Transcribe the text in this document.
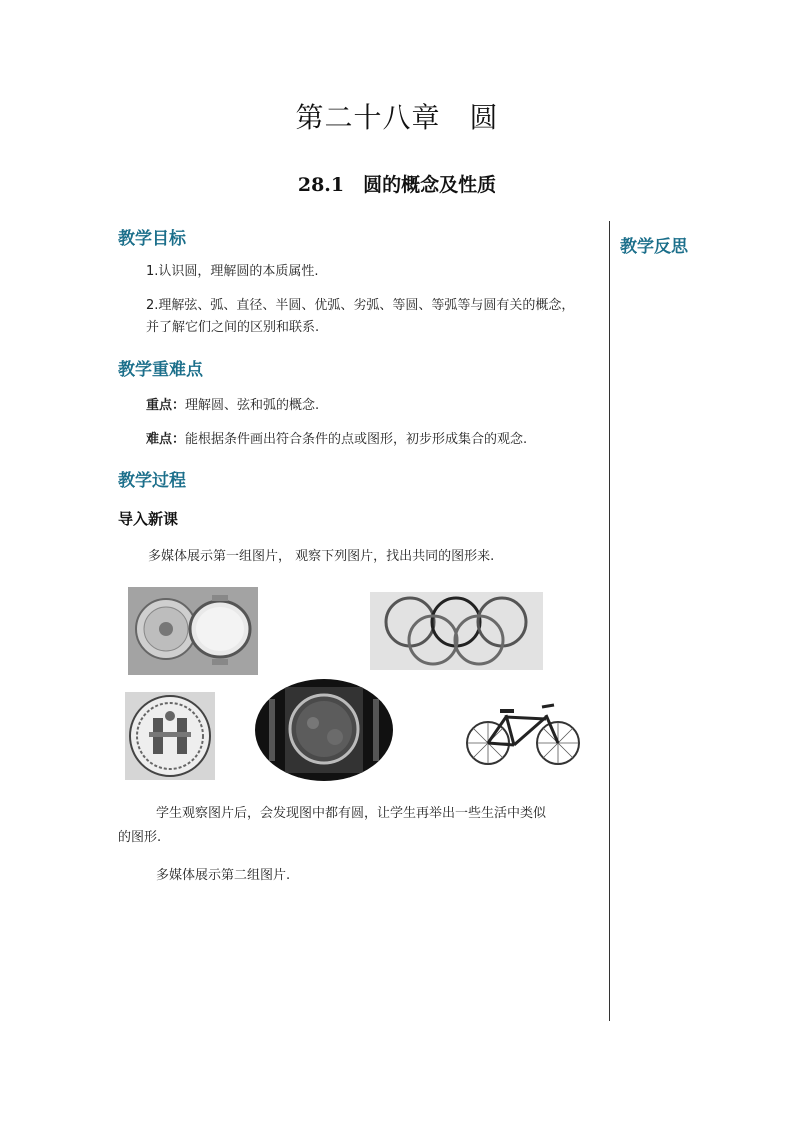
第二十八章　圆
28.1　圆的概念及性质
教学反思
教学目标
1.认识圆，理解圆的本质属性.
2.理解弦、弧、直径、半圆、优弧、劣弧、等圆、等弧等与圆有关的概念，
并了解它们之间的区别和联系.
教学重难点
重点：理解圆、弦和弧的概念.
难点：能根据条件画出符合条件的点或图形，初步形成集合的观念.
教学过程
导入新课
多媒体展示第一组图片， 观察下列图片，找出共同的图形来.
学生观察图片后，会发现图中都有圆，让学生再举出一些生活中类似
的图形.
多媒体展示第二组图片.
